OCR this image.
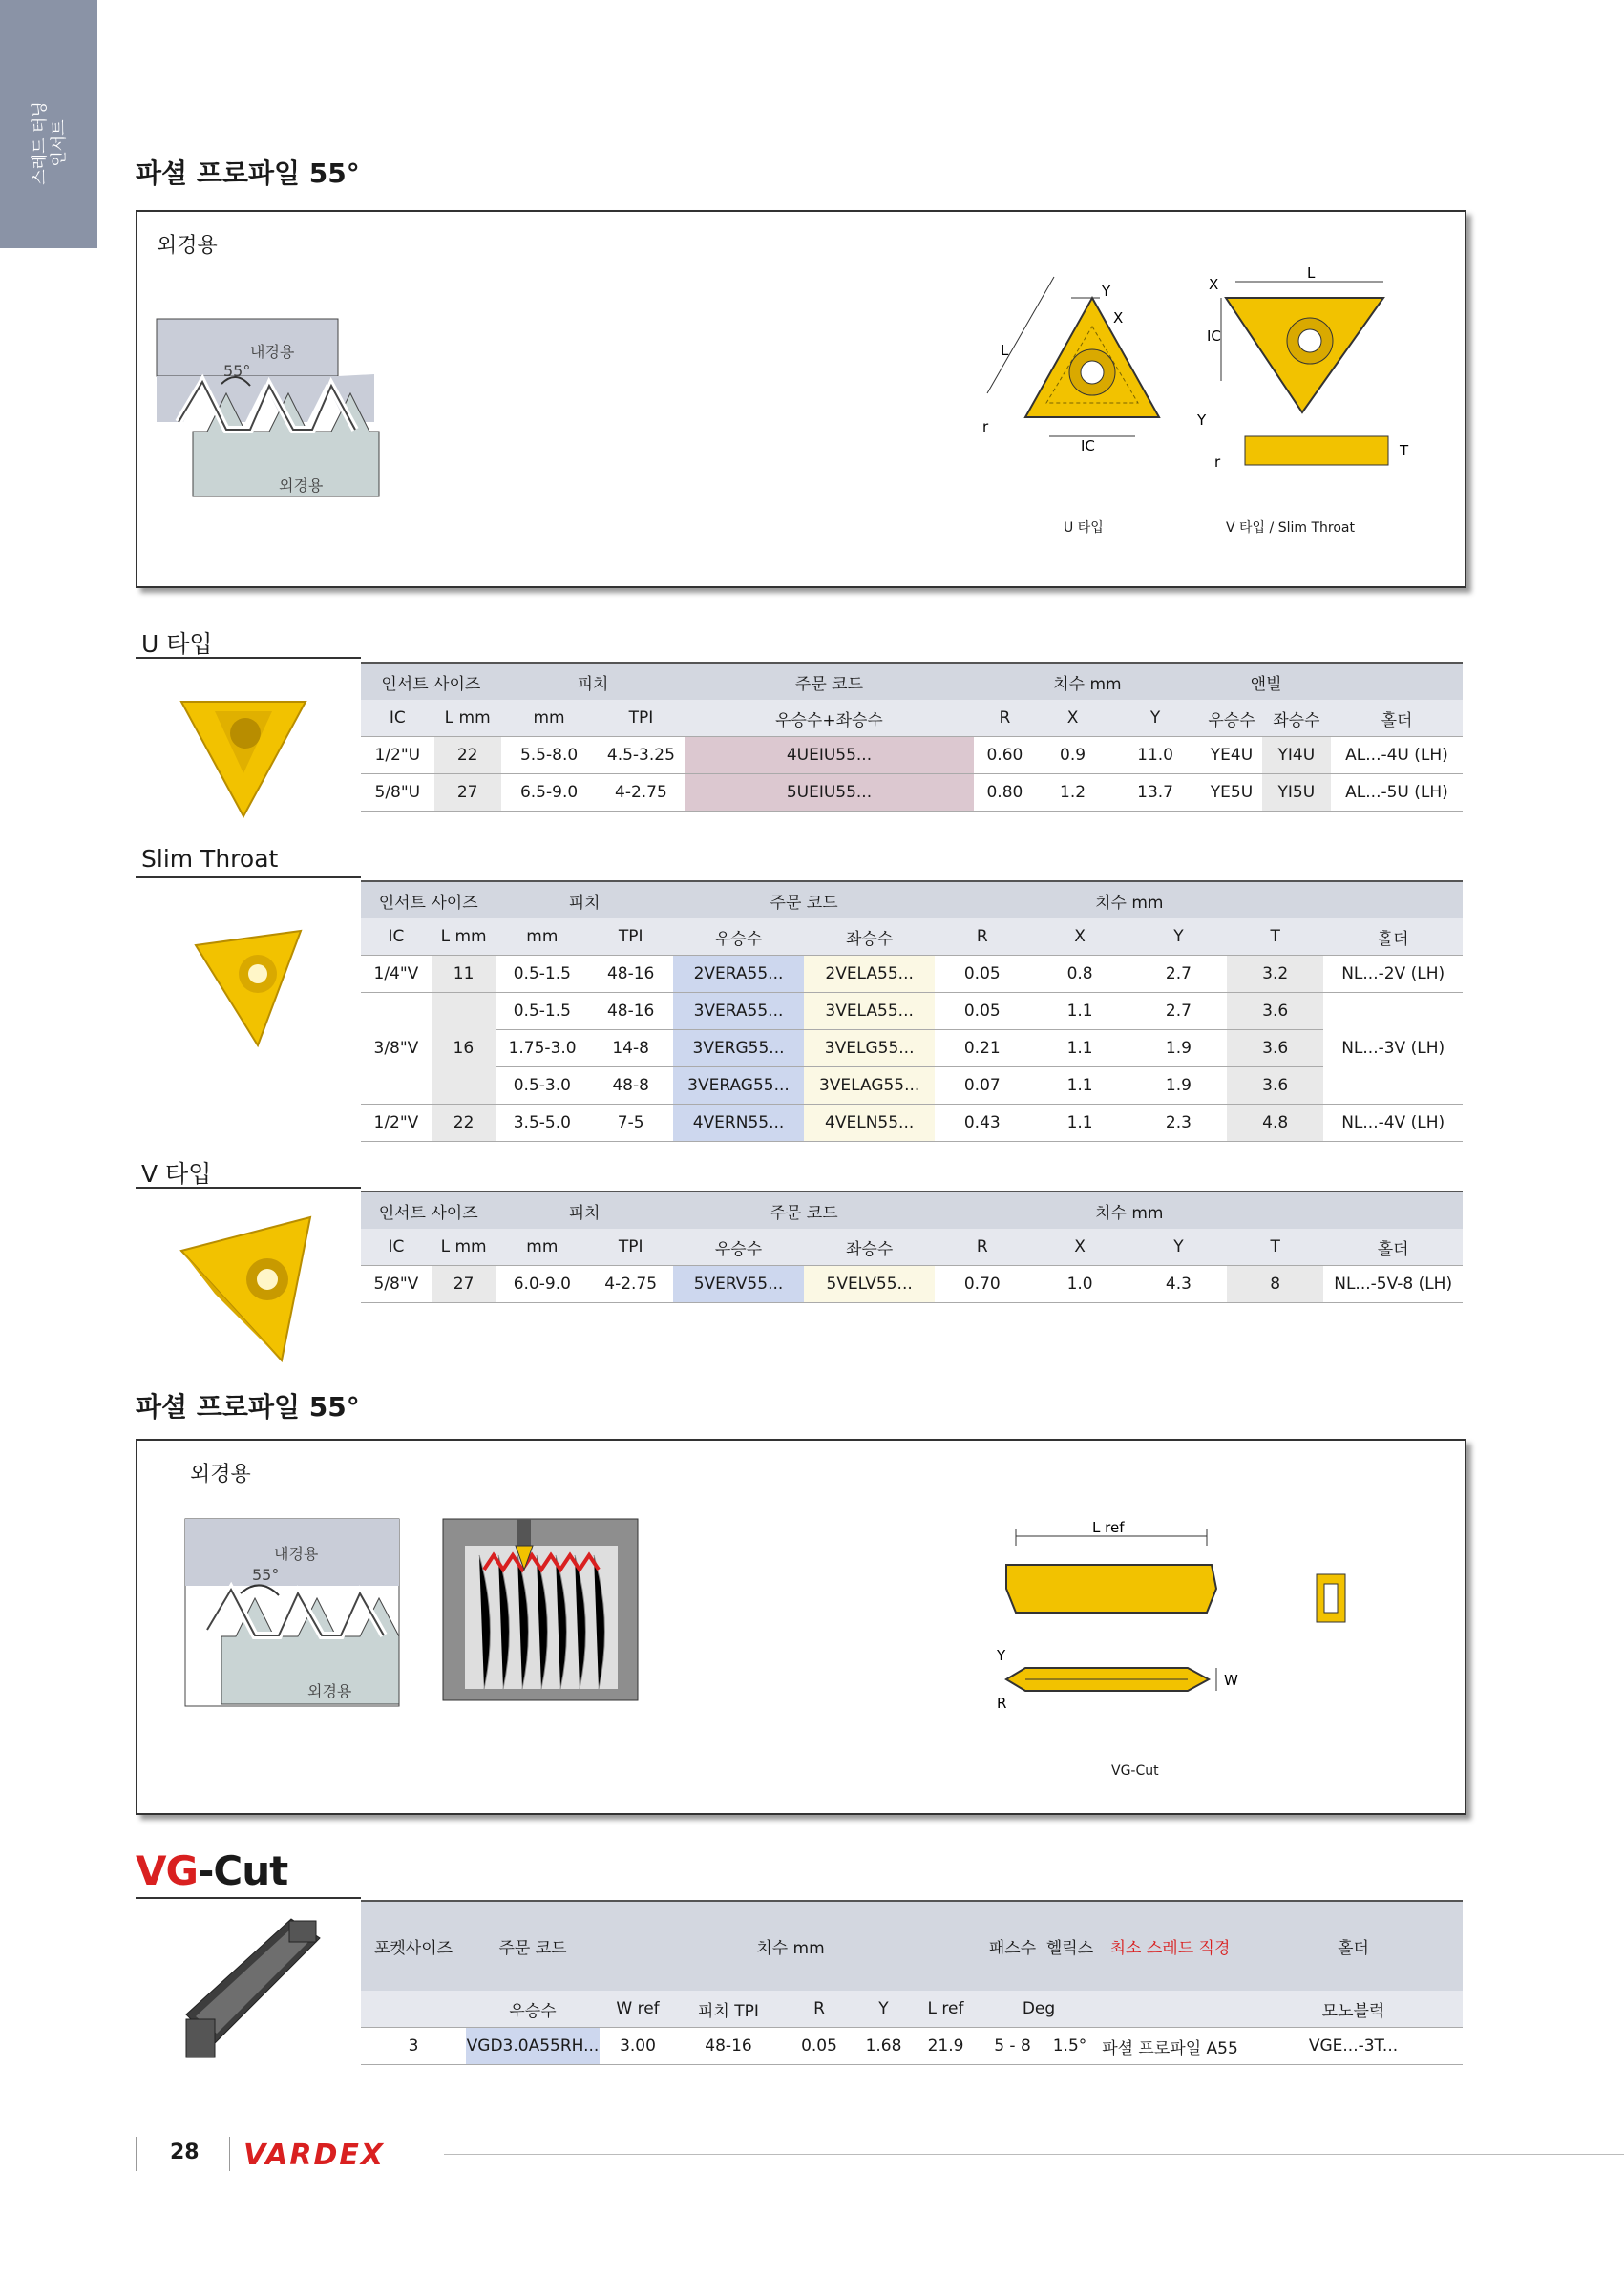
스레드 터닝
인서트
파셜 프로파일 55°
외경용
내경용
55°
외경용
Y
X
L
r
IC
L
X
IC
Y
r
T
U 타입	V 타입 / Slim Throat
U 타입
인서트 사이즈		피치		주문 코드	치수 mm			앤빌		
IC	L mm	mm	TPI	우승수+좌승수	R	X	Y	우승수	좌승수	홀더
1/2"U	22	5.5-8.0	4.5-3.25	4UEIU55...	0.60	0.9	11.0	YE4U	YI4U	AL...-4U (LH)
5/8"U	27	6.5-9.0	4-2.75	5UEIU55...	0.80	1.2	13.7	YE5U	YI5U	AL...-5U (LH)
Slim Throat
인서트 사이즈		피치		주문 코드		치수 mm				
IC	L mm	mm	TPI	우승수	좌승수	R	X	Y	T	홀더
1/4"V	11	0.5-1.5	48-16	2VERA55...	2VELA55...	0.05	0.8	2.7	3.2	NL...-2V (LH)
3/8"V	16	0.5-1.5	48-16	3VERA55...	3VELA55...	0.05	1.1	2.7	3.6	NL...-3V (LH)
		1.75-3.0	14-8	3VERG55...	3VELG55...	0.21	1.1	1.9	3.6	
		0.5-3.0	48-8	3VERAG55...	3VELAG55...	0.07	1.1	1.9	3.6	
1/2"V	22	3.5-5.0	7-5	4VERN55...	4VELN55...	0.43	1.1	2.3	4.8	NL...-4V (LH)
V 타입
인서트 사이즈		피치		주문 코드		치수 mm				
IC	L mm	mm	TPI	우승수	좌승수	R	X	Y	T	홀더
5/8"V	27	6.0-9.0	4-2.75	5VERV55...	5VELV55...	0.70	1.0	4.3	8	NL...-5V-8 (LH)
파셜 프로파일 55°
외경용
내경용
55°
외경용
L ref
Y
R
W
VG-Cut
VG-Cut
포켓사이즈	주문 코드	치수 mm					패스수	헬릭스	최소 스레드 직경	홀더
	우승수	W ref	피치 TPI	R	Y	L ref	Deg			모노블럭
3	VGD3.0A55RH...	3.00	48-16	0.05	1.68	21.9	5 - 8	1.5°	파셜 프로파일 A55	VGE...-3T...
28 VARDEX
